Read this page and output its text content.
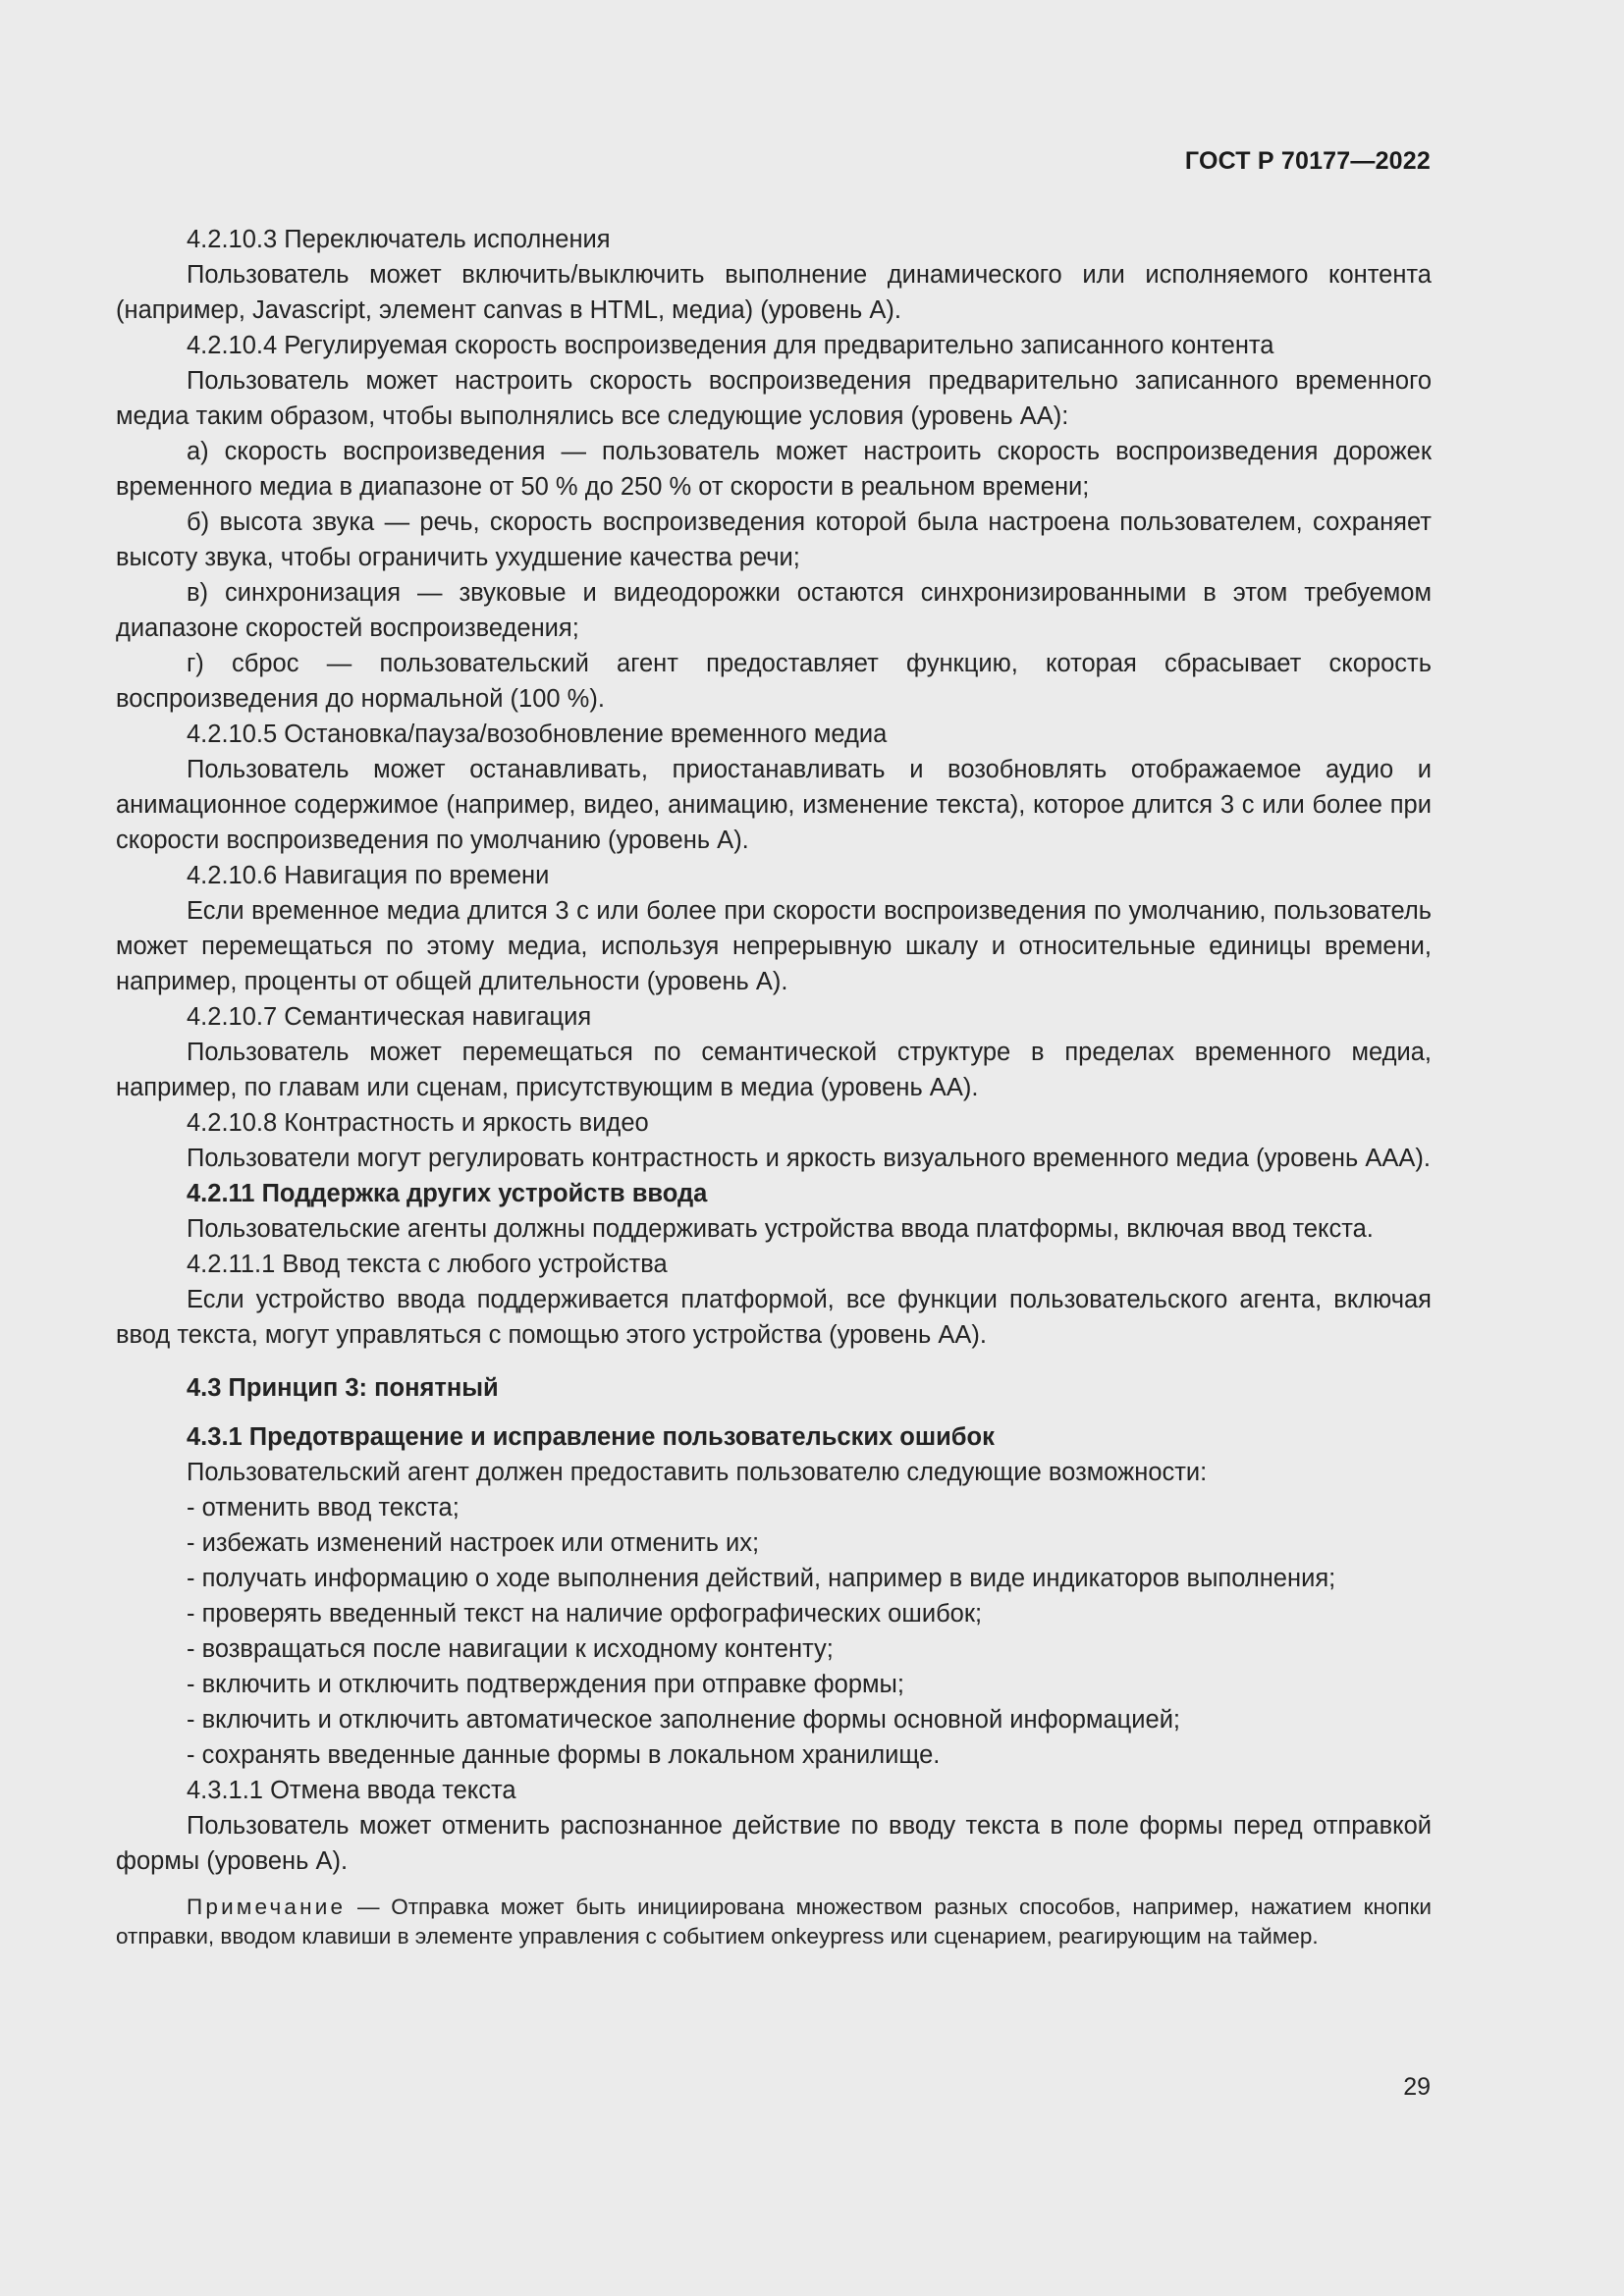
ГОСТ Р 70177—2022

4.2.10.3 Переключатель исполнения

Пользователь может включить/выключить выполнение динамического или исполняемого контента (например, Javascript, элемент canvas в HTML, медиа) (уровень А).

4.2.10.4 Регулируемая скорость воспроизведения для предварительно записанного контента

Пользователь может настроить скорость воспроизведения предварительно записанного временного медиа таким образом, чтобы выполнялись все следующие условия (уровень АА):

а) скорость воспроизведения — пользователь может настроить скорость воспроизведения дорожек временного медиа в диапазоне от 50 % до 250 % от скорости в реальном времени;

б) высота звука — речь, скорость воспроизведения которой была настроена пользователем, сохраняет высоту звука, чтобы ограничить ухудшение качества речи;

в) синхронизация — звуковые и видеодорожки остаются синхронизированными в этом требуемом диапазоне скоростей воспроизведения;

г) сброс — пользовательский агент предоставляет функцию, которая сбрасывает скорость воспроизведения до нормальной (100 %).

4.2.10.5 Остановка/пауза/возобновление временного медиа

Пользователь может останавливать, приостанавливать и возобновлять отображаемое аудио и анимационное содержимое (например, видео, анимацию, изменение текста), которое длится 3 с или более при скорости воспроизведения по умолчанию (уровень А).

4.2.10.6 Навигация по времени

Если временное медиа длится 3 с или более при скорости воспроизведения по умолчанию, пользователь может перемещаться по этому медиа, используя непрерывную шкалу и относительные единицы времени, например, проценты от общей длительности (уровень А).

4.2.10.7 Семантическая навигация

Пользователь может перемещаться по семантической структуре в пределах временного медиа, например, по главам или сценам, присутствующим в медиа (уровень АА).

4.2.10.8 Контрастность и яркость видео

Пользователи могут регулировать контрастность и яркость визуального временного медиа (уровень ААА).

4.2.11 Поддержка других устройств ввода

Пользовательские агенты должны поддерживать устройства ввода платформы, включая ввод текста.

4.2.11.1 Ввод текста с любого устройства

Если устройство ввода поддерживается платформой, все функции пользовательского агента, включая ввод текста, могут управляться с помощью этого устройства (уровень АА).

4.3 Принцип 3: понятный

4.3.1 Предотвращение и исправление пользовательских ошибок

Пользовательский агент должен предоставить пользователю следующие возможности:

- отменить ввод текста;

- избежать изменений настроек или отменить их;

- получать информацию о ходе выполнения действий, например в виде индикаторов выполнения;

- проверять введенный текст на наличие орфографических ошибок;

- возвращаться после навигации к исходному контенту;

- включить и отключить подтверждения при отправке формы;

- включить и отключить автоматическое заполнение формы основной информацией;

- сохранять введенные данные формы в локальном хранилище.

4.3.1.1 Отмена ввода текста

Пользователь может отменить распознанное действие по вводу текста в поле формы перед отправкой формы (уровень А).

Примечание — Отправка может быть инициирована множеством разных способов, например, нажатием кнопки отправки, вводом клавиши в элементе управления с событием onkeypress или сценарием, реагирующим на таймер.

29
